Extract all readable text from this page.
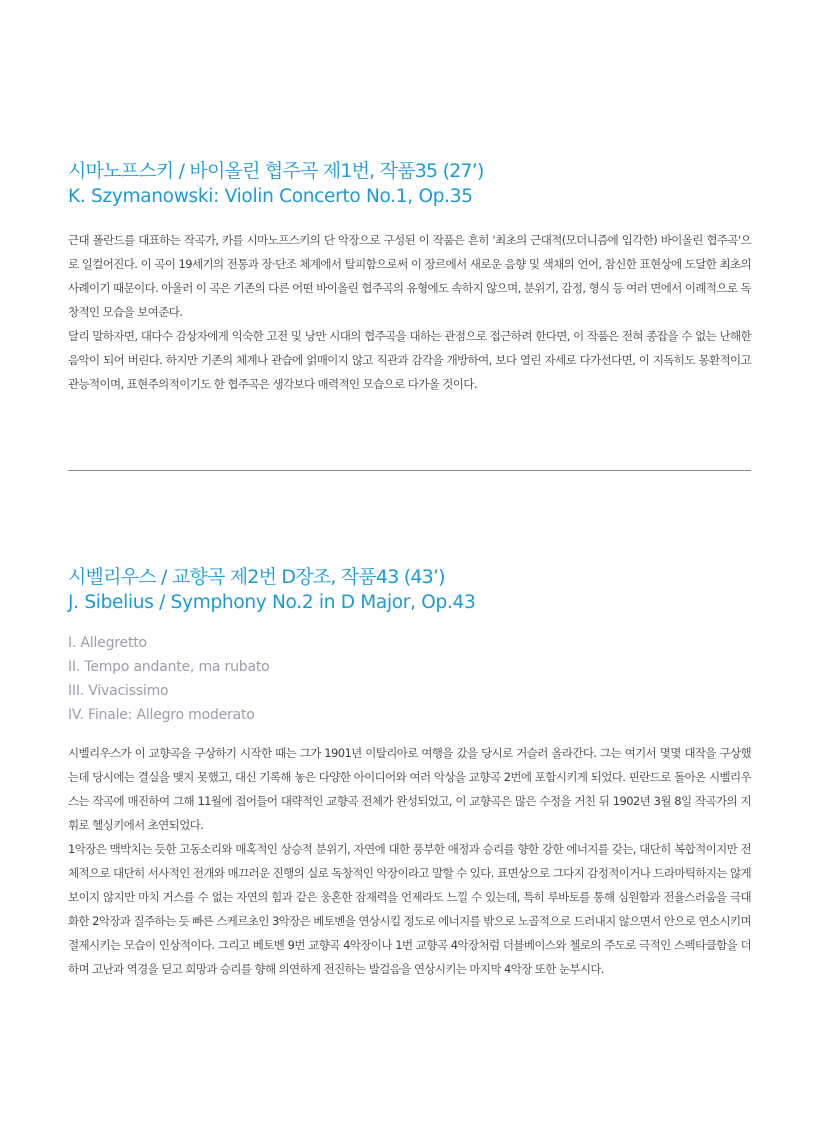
시마노프스키 / 바이올린 협주곡 제1번, 작품35 (27’)
K. Szymanowski: Violin Concerto No.1, Op.35

근대 폴란드를 대표하는 작곡가, 카를 시마노프스키의 단 악장으로 구성된 이 작품은 흔히 '최초의 근대적(모더니즘에 입각한) 바이올린 협주곡'으로 일컬어진다. 이 곡이 19세기의 전통과 장·단조 체계에서 탈피함으로써 이 장르에서 새로운 음향 및 색채의 언어, 참신한 표현상에 도달한 최초의 사례이기 때문이다. 아울러 이 곡은 기존의 다른 어떤 바이올린 협주곡의 유형에도 속하지 않으며, 분위기, 감정, 형식 등 여러 면에서 이례적으로 독창적인 모습을 보여준다.

달리 말하자면, 대다수 감상자에게 익숙한 고전 및 낭만 시대의 협주곡을 대하는 관점으로 접근하려 한다면, 이 작품은 전혀 종잡을 수 없는 난해한 음악이 되어 버린다. 하지만 기존의 체계나 관습에 얽매이지 않고 직관과 감각을 개방하여, 보다 열린 자세로 다가선다면, 이 지독히도 몽환적이고 관능적이며, 표현주의적이기도 한 협주곡은 생각보다 매력적인 모습으로 다가올 것이다.

시벨리우스 / 교향곡 제2번 D장조, 작품43 (43’)
J. Sibelius / Symphony No.2 in D Major, Op.43
I. Allegretto
II. Tempo andante, ma rubato
III. Vivacissimo
IV. Finale: Allegro moderato

시벨리우스가 이 교향곡을 구상하기 시작한 때는 그가 1901년 이탈리아로 여행을 갔을 당시로 거슬러 올라간다. 그는 여기서 몇몇 대작을 구상했는데 당시에는 결실을 맺지 못했고, 대신 기록해 놓은 다양한 아이디어와 여러 악상을 교향곡 2번에 포함시키게 되었다. 핀란드로 돌아온 시벨리우스는 작곡에 매진하여 그해 11월에 접어들어 대략적인 교향곡 전체가 완성되었고, 이 교향곡은 많은 수정을 거친 뒤 1902년 3월 8일 작곡가의 지휘로 헬싱키에서 초연되었다.

1악장은 맥박치는 듯한 고동소리와 매혹적인 상승적 분위기, 자연에 대한 풍부한 애정과 승리를 향한 강한 에너지를 갖는, 대단히 복합적이지만 전체적으로 대단히 서사적인 전개와 매끄러운 진행의 실로 독창적인 악장이라고 말할 수 있다. 표면상으로 그다지 감정적이거나 드라마틱하지는 않게 보이지 않지만 마치 거스를 수 없는 자연의 힘과 같은 웅혼한 잠재력을 언제라도 느낄 수 있는데, 특히 루바토를 통해 심원함과 전율스러움을 극대화한 2악장과 질주하는 듯 빠른 스케르초인 3악장은 베토벤을 연상시킬 정도로 에너지를 밖으로 노골적으로 드러내지 않으면서 안으로 연소시키며 절제시키는 모습이 인상적이다. 그리고 베토벤 9번 교향곡 4악장이나 1번 교향곡 4악장처럼 더블베이스와 첼로의 주도로 극적인 스펙타클함을 더하며 고난과 역경을 딛고 희망과 승리를 향해 의연하게 전진하는 발걸음을 연상시키는 마지막 4악장 또한 눈부시다.
